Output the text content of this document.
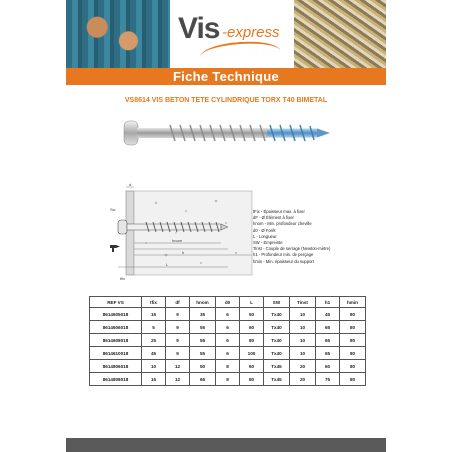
Vis -express
Fiche Technique
VS8614 VIS BETON TETE CYLINDRIQUE TORX T40 BIMETAL
d
Sw
tfix
hnom
h
L
tFix - Épaisseur max. à fixer
dF - Ø Élément à fixer
hnom - Min. profondeur cheville
d0 - Ø Forêt
L - Longueur
SW - Empreinte
Tinst - Couple de serrage (Newton-mètre)
h1 - Profondeur min. de perçage
hmin - Min. épaisseur du support
REF VS	tfix	df	hnom	d0	L	SW	Tinst	h1	hmin
8614605018	15	9	35	6	50	Tx40	10	45	80
8614606018	5	9	55	6	60	Tx40	10	65	80
8614608018	25	9	55	6	80	Tx40	10	65	80
8614610018	45	9	55	6	100	Tx40	10	65	80
8614806018	10	12	50	8	60	Tx45	20	60	80
8614808018	15	12	65	8	80	Tx45	20	75	80
